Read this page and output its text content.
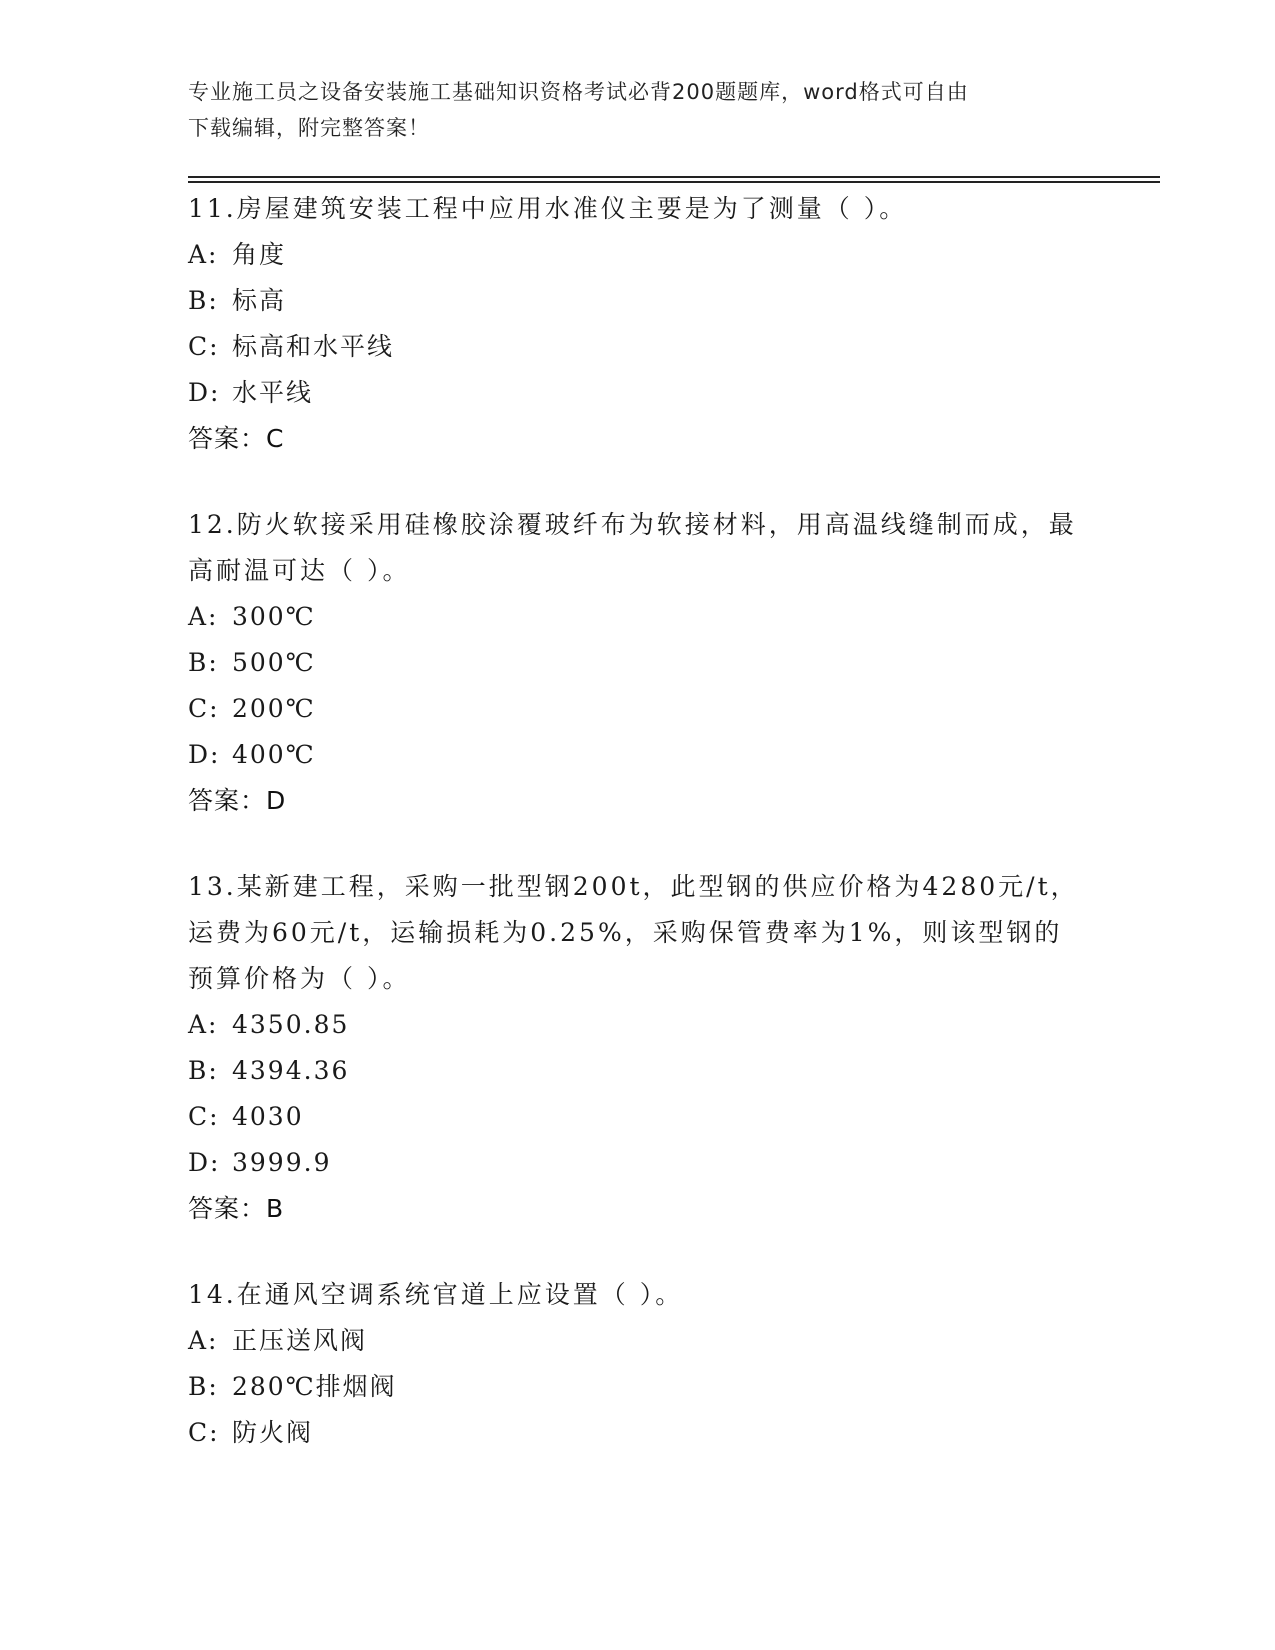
专业施工员之设备安装施工基础知识资格考试必背200题题库，word格式可自由
下载编辑，附完整答案！

11.房屋建筑安装工程中应用水准仪主要是为了测量（ ）。

A: 角度
B: 标高
C: 标高和水平线
D: 水平线
答案：C

12.防火软接采用硅橡胶涂覆玻纤布为软接材料，用高温线缝制而成，最高耐温可达（ ）。

A: 300℃
B: 500℃
C: 200℃
D: 400℃
答案：D

13.某新建工程，采购一批型钢200t，此型钢的供应价格为4280元/t，运费为60元/t，运输损耗为0.25%，采购保管费率为1%，则该型钢的预算价格为（ ）。

A: 4350.85
B: 4394.36
C: 4030
D: 3999.9
答案：B

14.在通风空调系统官道上应设置（ ）。

A: 正压送风阀
B: 280℃排烟阀
C: 防火阀
